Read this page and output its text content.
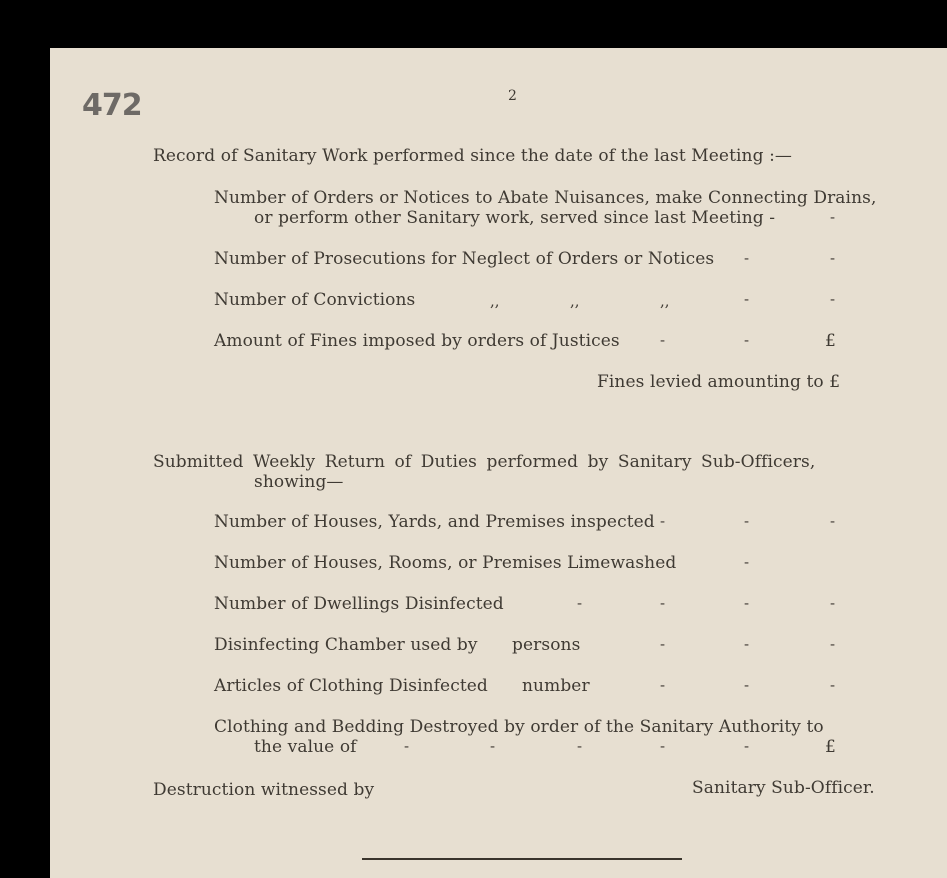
472	2
Record of Sanitary Work performed since the date of the last Meeting :—
Number of Orders or Notices to Abate Nuisances, make Connecting Drains,
or perform other Sanitary work, served since last Meeting -	-
Number of Prosecutions for Neglect of Orders or Notices -	-
Number of Convictions	,,	,,	,,	-	-
Amount of Fines imposed by orders of Justices	-	-	£
Fines levied amounting to £
Submitted Weekly Return of Duties performed by Sanitary Sub-Officers,
showing—
Number of Houses, Yards, and Premises inspected -	-	-
Number of Houses, Rooms, or Premises Limewashed	-
Number of Dwellings Disinfected	-	-	-	-
Disinfecting Chamber used by persons	-	-	-
Articles of Clothing Disinfected number	-	-	-
Clothing and Bedding Destroyed by order of the Sanitary Authority to
the value of	-	-	-	-	-	£
Destruction witnessed by	Sanitary Sub-Officer.
